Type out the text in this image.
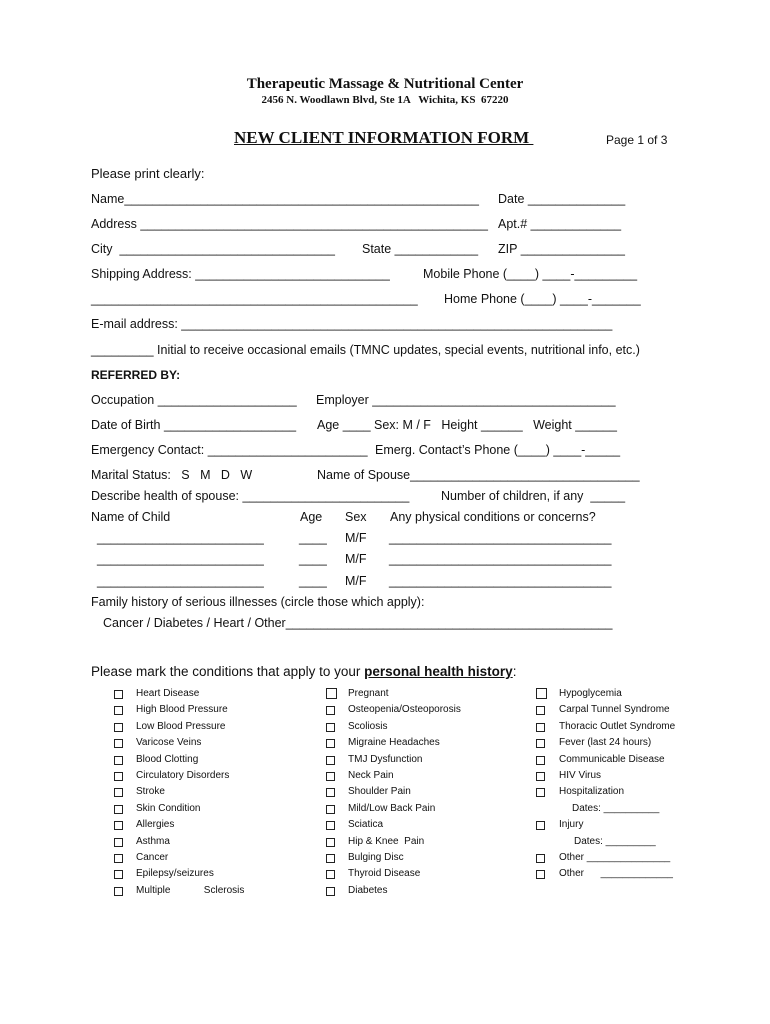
Therapeutic Massage & Nutritional Center
2456 N. Woodlawn Blvd, Ste 1A   Wichita, KS  67220
NEW CLIENT INFORMATION FORM	Page 1 of 3
Please print clearly:
Name___________________________________________________ Date ______________
Address __________________________________________________ Apt.# _____________
City  _______________________________ State ____________ ZIP _______________
Shipping Address: ____________________________	Mobile Phone (____) ____-_________
_______________________________________________ Home Phone (____) ____-_______
E-mail address: ______________________________________________________________
_________ Initial to receive occasional emails (TMNC updates, special events, nutritional info, etc.)
REFERRED BY:
Occupation ____________________ Employer ___________________________________
Date of Birth ___________________ Age ____ Sex: M / F   Height ______   Weight ______
Emergency Contact: _______________________ Emerg. Contact’s Phone (____) ____-_____
Marital Status:   S   M   D   W	Name of Spouse_________________________________
Describe health of spouse: ________________________	Number of children, if any  _____
Name of Child	Age Sex Any physical conditions or concerns?
________________________	____ M/F ________________________________
________________________	____ M/F ________________________________
________________________	____ M/F ________________________________
Family history of serious illnesses (circle those which apply):
Cancer / Diabetes / Heart / Other_______________________________________________
Please mark the conditions that apply to your personal health history:
Heart Disease
High Blood Pressure
Low Blood Pressure
Varicose Veins
Blood Clotting
Circulatory Disorders
Stroke
Skin Condition
Allergies
Asthma
Cancer
Epilepsy/seizures
Multiple            Sclerosis
Pregnant
Osteopenia/Osteoporosis
Scoliosis
Migraine Headaches
TMJ Dysfunction
Neck Pain
Shoulder Pain
Mild/Low Back Pain
Sciatica
Hip & Knee  Pain
Bulging Disc
Thyroid Disease
Diabetes
Hypoglycemia
Carpal Tunnel Syndrome
Thoracic Outlet Syndrome
Fever (last 24 hours)
Communicable Disease
HIV Virus
Hospitalization
Dates: __________
Injury
Dates: _________
Other _______________
Other      _____________
